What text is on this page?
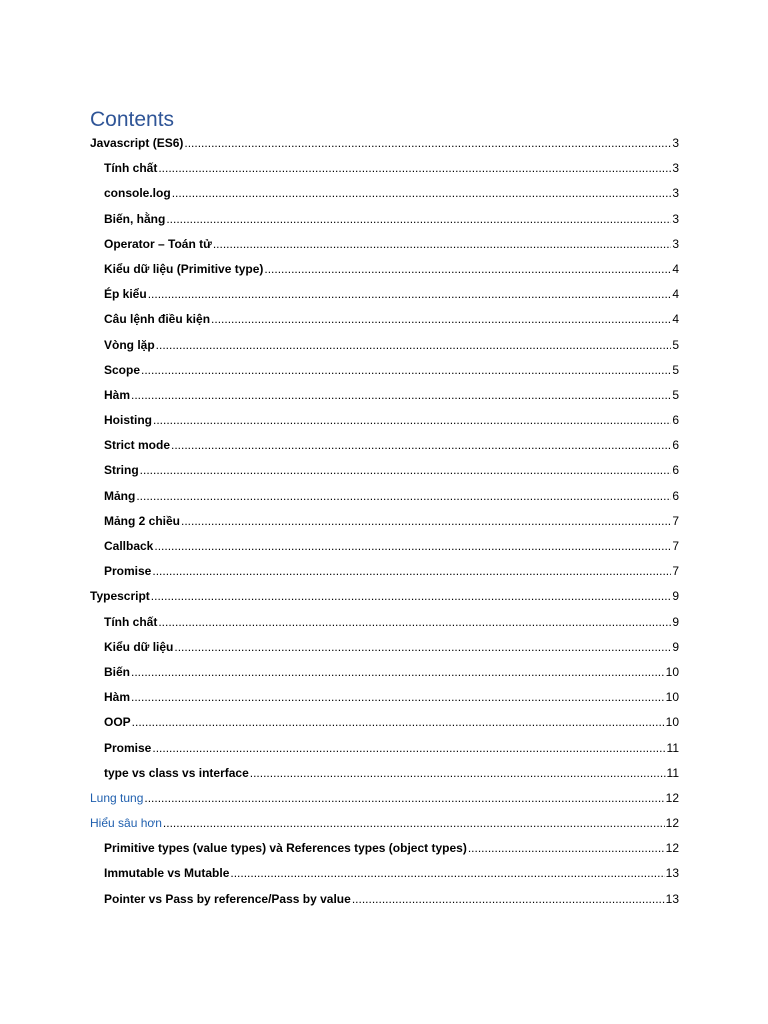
Contents
Javascript (ES6) .....	3
Tính chất .....	3
console.log .....	3
Biến, hằng .....	3
Operator – Toán tử .....	3
Kiểu dữ liệu (Primitive type) .....	4
Ép kiểu .....	4
Câu lệnh điều kiện .....	4
Vòng lặp .....	5
Scope .....	5
Hàm .....	5
Hoisting .....	6
Strict mode .....	6
String .....	6
Mảng .....	6
Mảng 2 chiều .....	7
Callback .....	7
Promise .....	7
Typescript .....	9
Tính chất .....	9
Kiểu dữ liệu .....	9
Biến .....	10
Hàm .....	10
OOP .....	10
Promise .....	11
type vs class vs interface .....	11
Lung tung .....	12
Hiểu sâu hơn .....	12
Primitive types (value types) và References types (object types) .....	12
Immutable vs Mutable .....	13
Pointer vs Pass by reference/Pass by value .....	13
